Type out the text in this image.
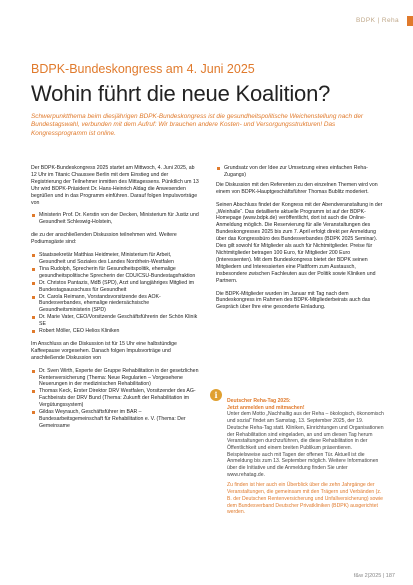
BDPK | Reha
BDPK-Bundeskongress am 4. Juni 2025
Wohin führt die neue Koalition?
Schwerpunktthema beim diesjährigen BDPK-Bundeskongress ist die gesundheitspolitische Weichenstellung nach der Bundestagswahl, verbunden mit dem Aufruf: Wir brauchen andere Kosten- und Versorgungsstrukturen! Das Kongressprogramm ist online.

Der BDPK-Bundeskongress 2025 startet am Mittwoch, 4. Juni 2025, ab 12 Uhr im Titanic Chaussee Berlin mit dem Einstieg und der Registrierung der Teilnehmer inmitten des Mittagessens. Pünktlich um 13 Uhr wird BDPK-Präsident Dr. Hans-Heinrich Aldag die Anwesenden begrüßen und in das Programm einführen. Darauf folgen Impulsvorträge von

Ministerin Prof. Dr. Kerstin von der Decken, Ministerium für Justiz und Gesundheit Schleswig-Holstein,

die zu der anschließenden Diskussion teilnehmen wird. Weitere Podiumsgäste sind:

Staatssekretär Matthias Heidmeier, Ministerium für Arbeit, Gesundheit und Soziales des Landes Nordrhein-Westfalen
Tina Rudolph, Sprecherin für Gesundheitspolitik, ehemalige gesundheitspolitische Sprecherin der CDU/CSU-Bundestagsfraktion
Dr. Christos Pantazis, MdB (SPD), Arzt und langjähriges Mitglied im Bundestagsausschuss für Gesundheit
Dr. Carola Reimann, Vorstandsvorsitzende des AOK-Bundesverbandes, ehemalige niedersächsische Gesundheitsministerin (SPD)
Dr. Marie Vater, CEO/Vorsitzende Geschäftsführerin der Schön Klinik SE
Robert Möller, CEO Helios Kliniken

Im Anschluss an die Diskussion ist für 15 Uhr eine halbstündige Kaffeepause vorgesehen. Danach folgen Impulsvorträge und anschließende Diskussion von

Dr. Sven Wirth, Experte der Gruppe Rehabilitation in der gesetzlichen Rentenversicherung (Thema: Neue Regularien – Vorgesehene Neuerungen in der medizinischen Rehabilitation)
Thomas Keck, Erster Direktor DRV Westfalen, Vorsitzender des AG-Fachbeirats der DRV Bund (Thema: Zukunft der Rehabilitation im Vergütungssystem)
Gildas Weyrauch, Geschäftsführer im BAR – Bundesarbeitsgemeinschaft für Rehabilitation e. V. (Thema: Der Gemeinsame
Grundsatz von der Idee zur Umsetzung eines einfachen Reha-Zugangs)

Die Diskussion mit den Referenten zu den einzelnen Themen wird von einem von BDPK-Hauptgeschäftsführer Thomas Bublitz moderiert.

Seinen Abschluss findet der Kongress mit der Abendveranstaltung in der „Weinhalle“. Das detaillierte aktuelle Programm ist auf der BDPK-Homepage (www.bdpk.de) veröffentlicht, dort ist auch die Online-Anmeldung möglich. Die Reservierung für alle Veranstaltungen des Bundeskongresses 2025 bis zum 7. April erfolgt direkt per Anmeldung über das Kongressbüro des Bundesverbandes (BDPK 2025 Seminar). Dies gilt sowohl für Mitglieder als auch für Nichtmitglieder. Preise für Nichtmitglieder betragen 100 Euro, für Mitglieder 200 Euro (Interessenten). Mit dem Bundeskongress bietet der BDPK seinen Mitgliedern und Interessierten eine Plattform zum Austausch, insbesondere zwischen Fachleuten aus der Politik sowie Kliniken und Partnern.

Die BDPK-Mitglieder wurden im Januar mit Tag nach dem Bundeskongress im Rahmen des BDPK-Mitgliederbeirats auch das Gespräch über Ihre eine gesonderte Einladung.

i
Deutscher Reha-Tag 2025:
Jetzt anmelden und mitmachen!

Unter dem Motto „Nachhaltig aus der Reha – ökologisch, ökonomisch und sozial“ findet am Samstag, 13. September 2025, der 19. Deutsche Reha-Tag statt. Kliniken, Einrichtungen und Organisationen der Rehabilitation sind eingeladen, an und um diesen Tag herum Veranstaltungen durchzuführen, die diese Rehabilitation in der Öffentlichkeit und einem breiten Publikum präsentieren. Beispielsweise auch mit Tagen der offenen Tür. Aktuell ist die Anmeldung bis zum 13. September möglich. Weitere Informationen über die Initiative und die Anmeldung finden Sie unter www.rehatag.de.

Zu finden ist hier auch ein Überblick über die zehn Jahrgänge der Veranstaltungen, die gemeinsam mit den Trägern und Verbänden (z. B. der Deutschen Rentenversicherung und Unfallversicherung) sowie dem Bundesverband Deutscher Privatkliniken (BDPK) ausgerichtet werden.

f&w 2|2025 | 187
